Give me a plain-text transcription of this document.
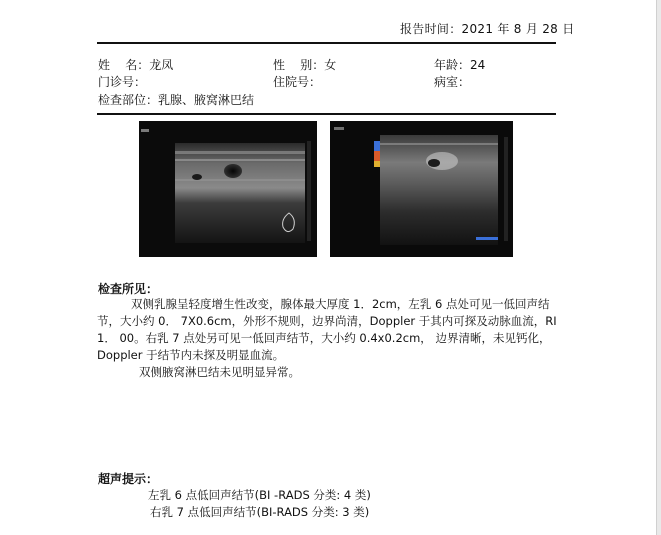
报告时间：2021 年 8 月 28 日
姓    名：龙凤	性    别：女	年龄：24
门诊号：	住院号：	病室：
检查部位：乳腺、腋窝淋巴结
检查所见：

双侧乳腺呈轻度增生性改变，腺体最大厚度 1．2cm，左乳 6 点处可见一低回声结节，大小约 0． 7X0.6cm，外形不规则，边界尚清，Doppler 于其内可探及动脉血流，RI 1． 00。右乳 7 点处另可见一低回声结节，大小约 0.4x0.2cm， 边界清晰，未见钙化，Doppler 于结节内未探及明显血流。

双侧腋窝淋巴结未见明显异常。

超声提示：
左乳 6 点低回声结节(BI -RADS 分类: 4 类)
右乳 7 点低回声结节(BI-RADS 分类: 3 类)
